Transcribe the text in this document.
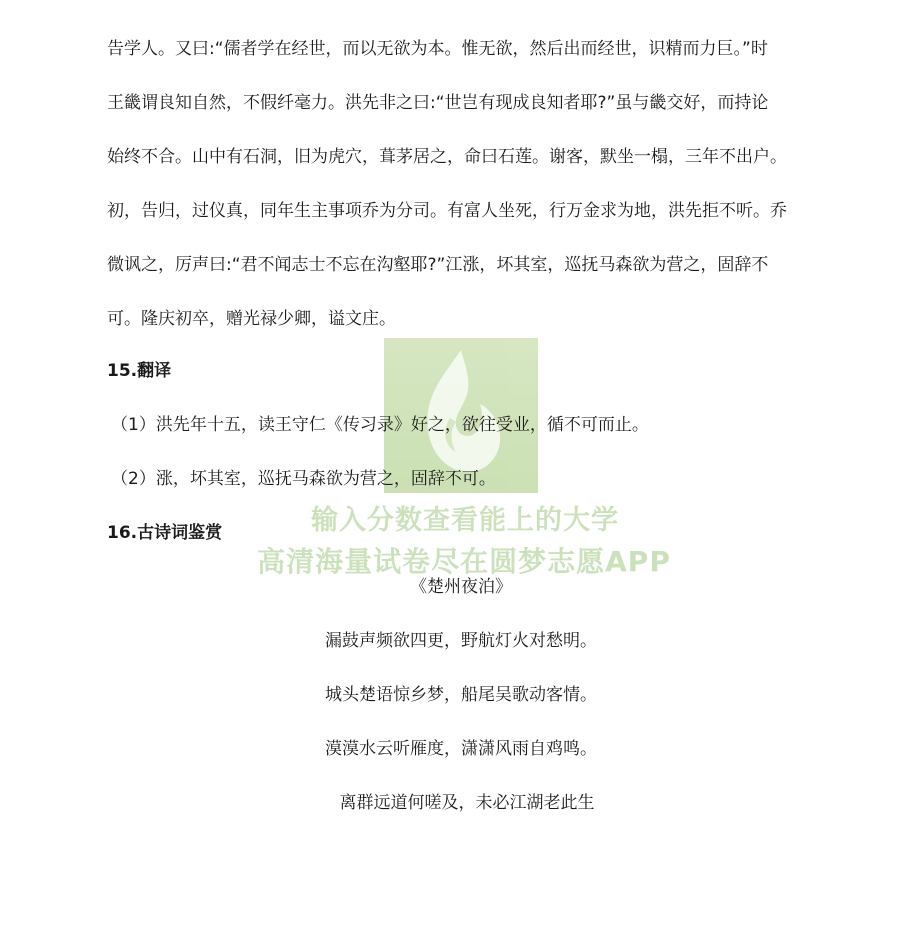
告学人。又曰:“儒者学在经世，而以无欲为本。惟无欲，然后出而经世，识精而力巨。”时
王畿谓良知自然，不假纤毫力。洪先非之曰:“世岂有现成良知者耶?”虽与畿交好，而持论
始终不合。山中有石洞，旧为虎穴，葺茅居之，命曰石莲。谢客，默坐一榻，三年不出户。
初，告归，过仪真，同年生主事项乔为分司。有富人坐死，行万金求为地，洪先拒不听。乔
微讽之，厉声曰:“君不闻志士不忘在沟壑耶?”江涨，坏其室，巡抚马森欲为营之，固辞不
可。隆庆初卒，赠光禄少卿，谥文庄。
15.翻译
（1）洪先年十五，读王守仁《传习录》好之，欲往受业，循不可而止。
（2）涨，坏其室，巡抚马森欲为营之，固辞不可。
输入分数查看能上的大学
高清海量试卷尽在圆梦志愿APP
16.古诗词鉴赏
《楚州夜泊》
漏鼓声频欲四更，野航灯火对愁明。
城头楚语惊乡梦，船尾吴歌动客情。
漠漠水云听雁度，潇潇风雨自鸡鸣。
离群远道何嗟及，未必江湖老此生
